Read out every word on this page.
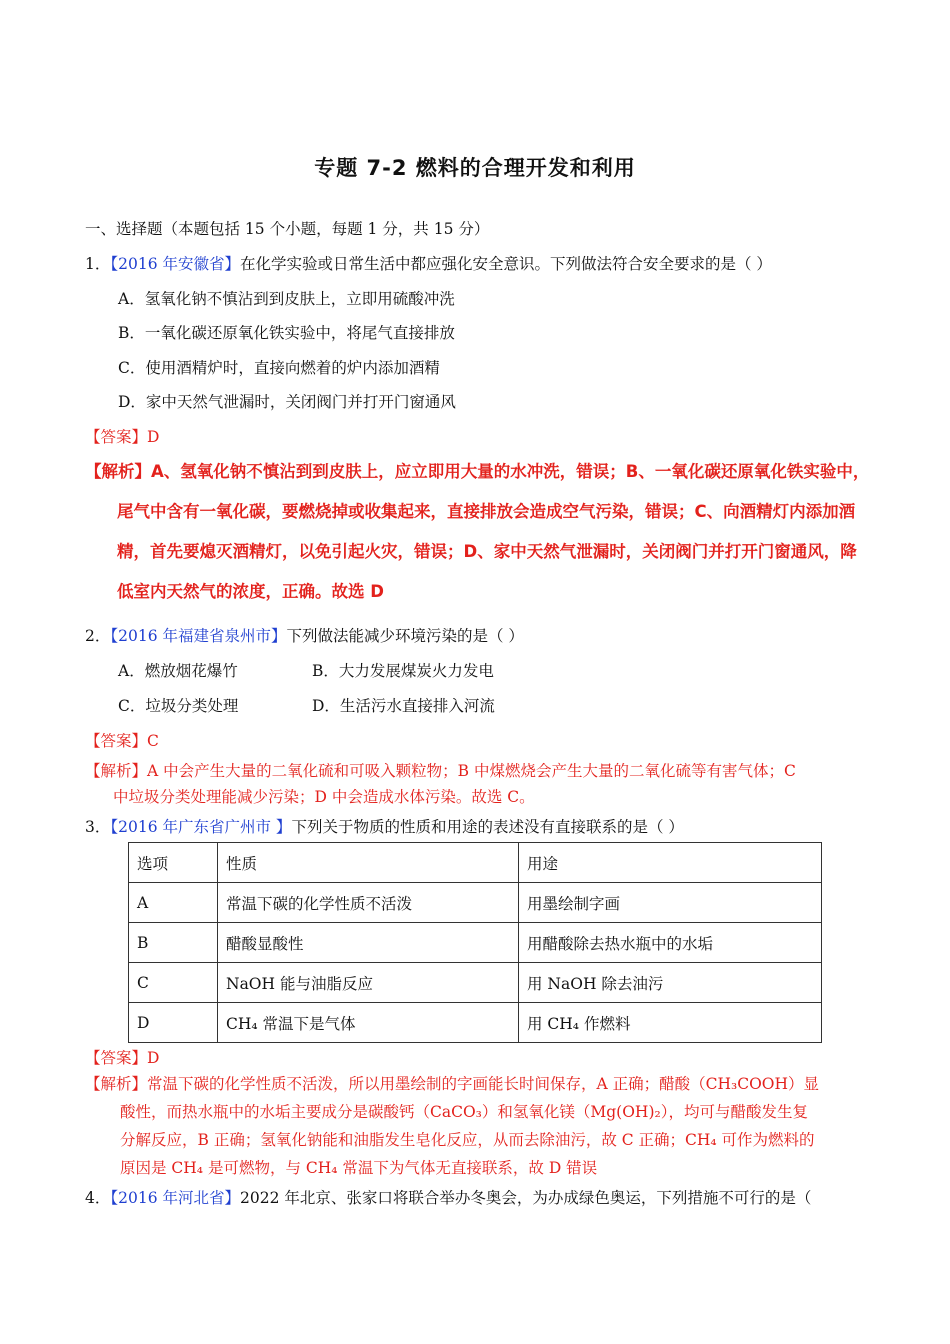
专题 7-2 燃料的合理开发和利用
一、选择题（本题包括 15 个小题，每题 1 分，共 15 分）
1．【2016 年安徽省】在化学实验或日常生活中都应强化安全意识。下列做法符合安全要求的是（ ）
A．氢氧化钠不慎沾到到皮肤上，立即用硫酸冲洗
B．一氧化碳还原氧化铁实验中，将尾气直接排放
C．使用酒精炉时，直接向燃着的炉内添加酒精
D．家中天然气泄漏时，关闭阀门并打开门窗通风
【答案】D
【解析】A、氢氧化钠不慎沾到到皮肤上，应立即用大量的水冲洗，错误；B、一氧化碳还原氧化铁实验中，
尾气中含有一氧化碳，要燃烧掉或收集起来，直接排放会造成空气污染，错误；C、向酒精灯内添加酒
精，首先要熄灭酒精灯，以免引起火灾，错误；D、家中天然气泄漏时，关闭阀门并打开门窗通风，降
低室内天然气的浓度，正确。故选 D
2．【2016 年福建省泉州市】下列做法能减少环境污染的是（ ）
A．燃放烟花爆竹	B．大力发展煤炭火力发电
C．垃圾分类处理	D．生活污水直接排入河流
【答案】C
【解析】A 中会产生大量的二氧化硫和可吸入颗粒物；B 中煤燃烧会产生大量的二氧化硫等有害气体；C
中垃圾分类处理能减少污染；D 中会造成水体污染。故选 C。
3．【2016 年广东省广州市 】下列关于物质的性质和用途的表述没有直接联系的是（ ）
选项	性质	用途
A	常温下碳的化学性质不活泼	用墨绘制字画
B	醋酸显酸性	用醋酸除去热水瓶中的水垢
C	NaOH 能与油脂反应	用 NaOH 除去油污
D	CH₄ 常温下是气体	用 CH₄ 作燃料
【答案】D
【解析】常温下碳的化学性质不活泼，所以用墨绘制的字画能长时间保存，A 正确；醋酸（CH₃COOH）显
酸性，而热水瓶中的水垢主要成分是碳酸钙（CaCO₃）和氢氧化镁（Mg(OH)₂），均可与醋酸发生复
分解反应，B 正确；氢氧化钠能和油脂发生皂化反应，从而去除油污，故 C 正确；CH₄ 可作为燃料的
原因是 CH₄ 是可燃物，与 CH₄ 常温下为气体无直接联系，故 D 错误
4．【2016 年河北省】2022 年北京、张家口将联合举办冬奥会，为办成绿色奥运，下列措施不可行的是（
